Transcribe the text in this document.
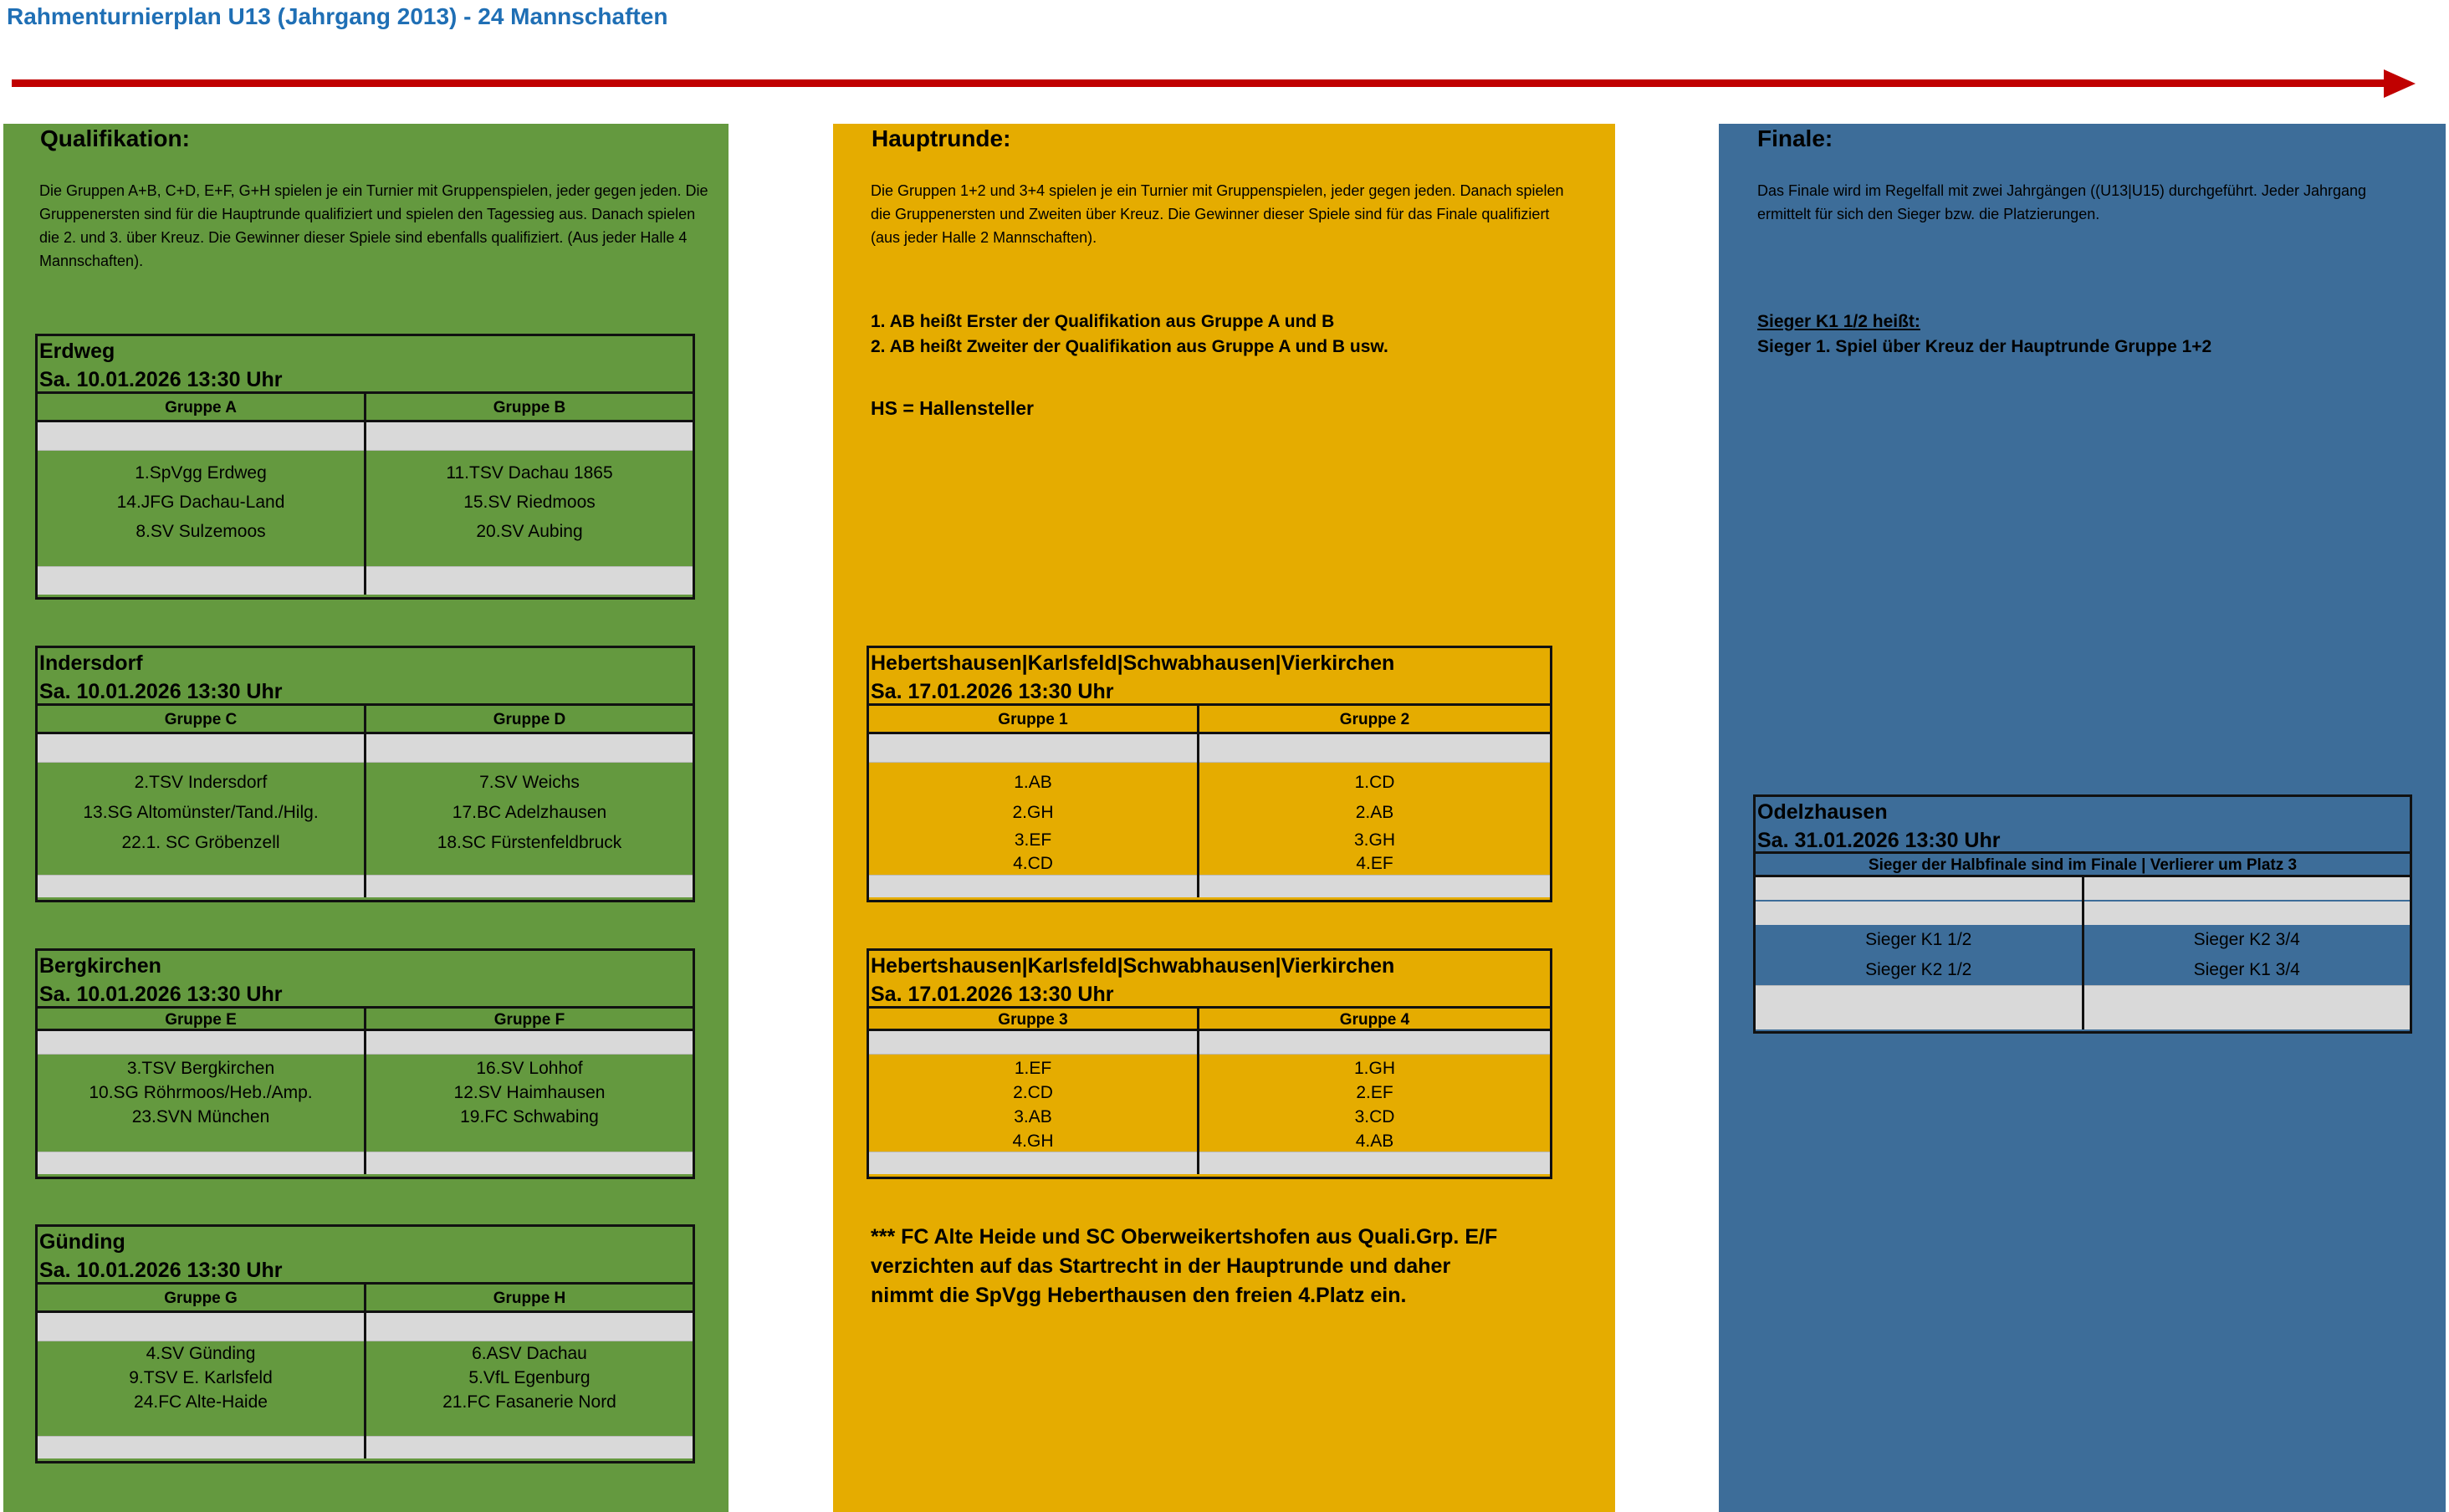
Rahmenturnierplan U13 (Jahrgang 2013) - 24 Mannschaften
Qualifikation:
Die Gruppen A+B, C+D, E+F, G+H spielen je ein Turnier mit Gruppenspielen, jeder gegen jeden. Die Gruppenersten sind für die Hauptrunde qualifiziert und spielen den Tagessieg aus. Danach spielen die 2. und 3. über Kreuz. Die Gewinner dieser Spiele sind ebenfalls qualifiziert. (Aus jeder Halle 4 Mannschaften).
Erdweg
Sa. 10.01.2026 13:30 Uhr
Gruppe A
1.SpVgg Erdweg
14.JFG Dachau-Land
8.SV Sulzemoos
Gruppe B
11.TSV Dachau 1865
15.SV Riedmoos
20.SV Aubing
Indersdorf
Sa. 10.01.2026 13:30 Uhr
Gruppe C
2.TSV Indersdorf
13.SG Altomünster/Tand./Hilg.
22.1. SC Gröbenzell
Gruppe D
7.SV Weichs
17.BC Adelzhausen
18.SC Fürstenfeldbruck
Bergkirchen
Sa. 10.01.2026 13:30 Uhr
Gruppe E
3.TSV Bergkirchen
10.SG Röhrmoos/Heb./Amp.
23.SVN München
Gruppe F
16.SV Lohhof
12.SV Haimhausen
19.FC Schwabing
Günding
Sa. 10.01.2026 13:30 Uhr
Gruppe G
4.SV Günding
9.TSV E. Karlsfeld
24.FC Alte-Haide
Gruppe H
6.ASV Dachau
5.VfL Egenburg
21.FC Fasanerie Nord
Hauptrunde:
Die Gruppen 1+2 und 3+4 spielen je ein Turnier mit Gruppenspielen, jeder gegen jeden. Danach spielen die Gruppenersten und Zweiten über Kreuz. Die Gewinner dieser Spiele sind für das Finale qualifiziert (aus jeder Halle 2 Mannschaften).
1. AB heißt Erster der Qualifikation aus Gruppe A und B
2. AB heißt Zweiter der Qualifikation aus Gruppe A und B usw.
HS = Hallensteller
Hebertshausen|Karlsfeld|Schwabhausen|Vierkirchen
Sa. 17.01.2026 13:30 Uhr
Gruppe 1
1.AB
2.GH
3.EF
4.CD
Gruppe 2
1.CD
2.AB
3.GH
4.EF
Hebertshausen|Karlsfeld|Schwabhausen|Vierkirchen
Sa. 17.01.2026 13:30 Uhr
Gruppe 3
1.EF
2.CD
3.AB
4.GH
Gruppe 4
1.GH
2.EF
3.CD
4.AB
*** FC Alte Heide und SC Oberweikertshofen aus Quali.Grp. E/F
verzichten auf das Startrecht in der Hauptrunde und daher
nimmt die SpVgg Heberthausen den freien 4.Platz ein.
Finale:
Das Finale wird im Regelfall mit zwei Jahrgängen ((U13|U15) durchgeführt. Jeder Jahrgang ermittelt für sich den Sieger bzw. die Platzierungen.
Sieger K1 1/2 heißt:
Sieger 1. Spiel über Kreuz der Hauptrunde Gruppe 1+2
Odelzhausen
Sa. 31.01.2026 13:30 Uhr
Sieger der Halbfinale sind im Finale | Verlierer um Platz 3
Sieger K1 1/2
Sieger K2 1/2
Sieger K2 3/4
Sieger K1 3/4
